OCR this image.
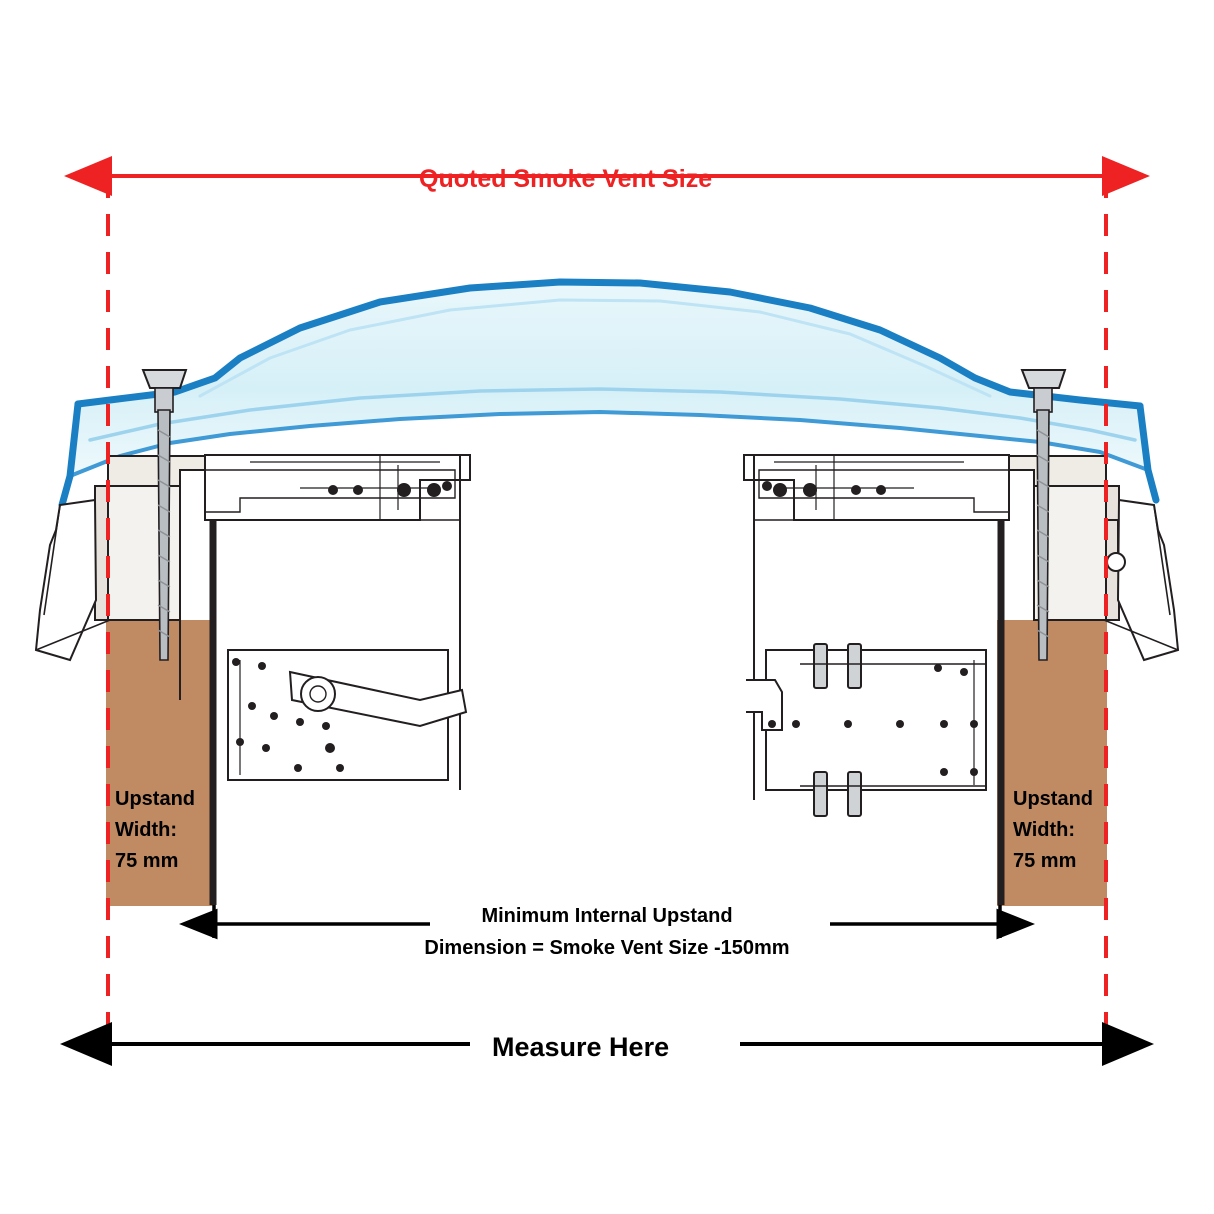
Quoted Smoke Vent Size
Upstand
Width:
75 mm
Upstand
Width:
75 mm
Minimum Internal Upstand
Dimension = Smoke Vent Size -150mm
Measure Here
